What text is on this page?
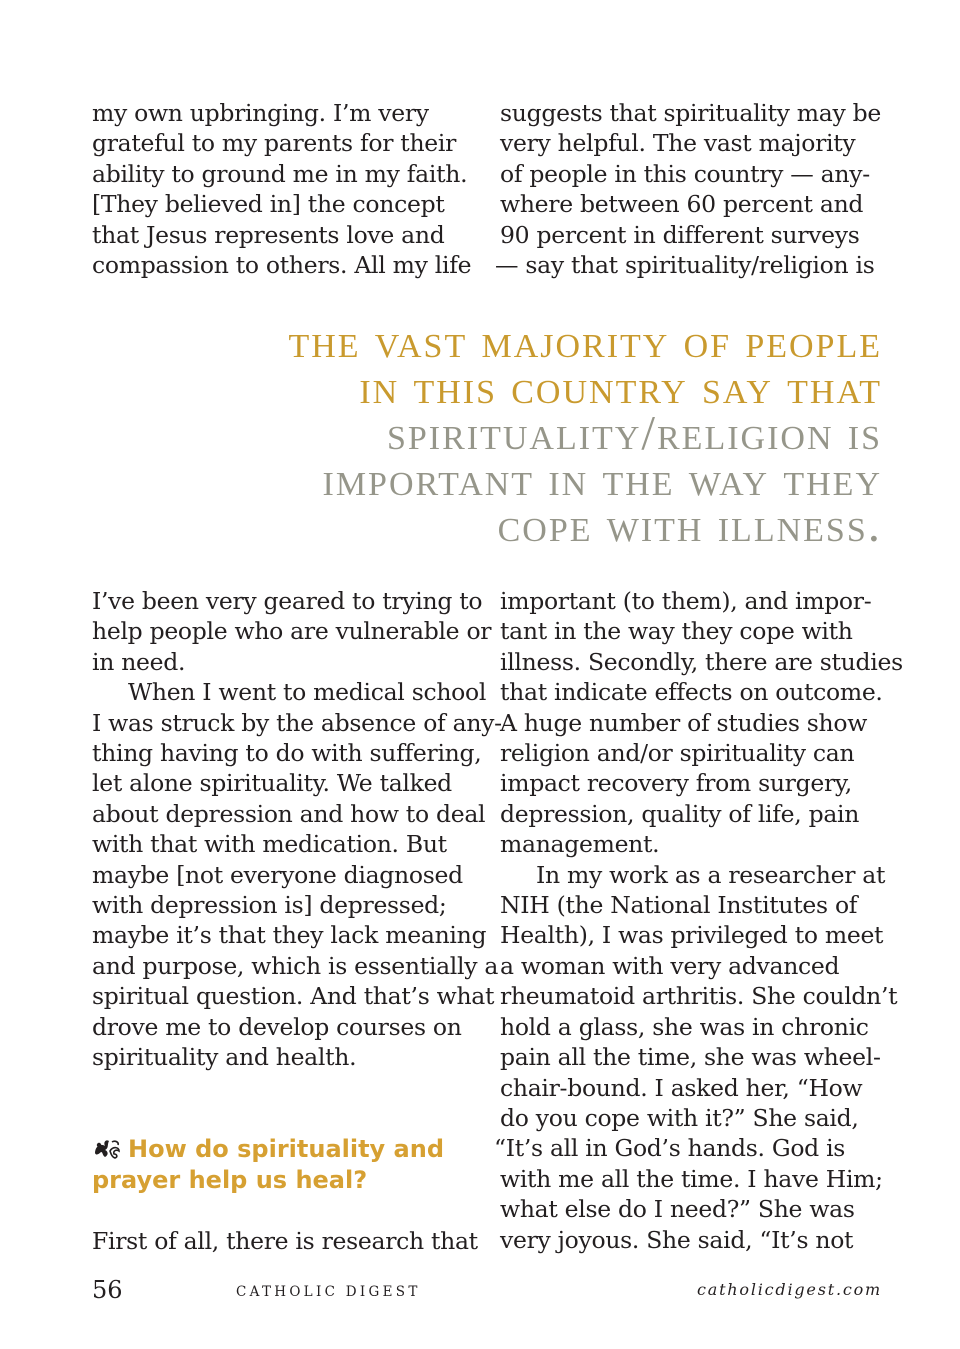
my own upbringing. I’m very

grateful to my parents for their

ability to ground me in my faith.

[They believed in] the concept

that Jesus represents love and

compassion to others. All my life

suggests that spirituality may be

very helpful. The vast majority

of people in this country — any-

where between 60 percent and

90 percent in different surveys

— say that spirituality/religion is

the vast majority of people
in this country say that
spirituality/religion is
important in the way they
cope with illness.

I’ve been very geared to trying to

help people who are vulnerable or

in need.

When I went to medical school

I was struck by the absence of any-

thing having to do with suffering,

let alone spirituality. We talked

about depression and how to deal

with that with medication. But

maybe [not everyone diagnosed

with depression is] depressed;

maybe it’s that they lack meaning

and purpose, which is essentially a

spiritual question. And that’s what

drove me to develop courses on

spirituality and health.

important (to them), and impor-

tant in the way they cope with

illness. Secondly, there are studies

that indicate effects on outcome.

A huge number of studies show

religion and/or spirituality can

impact recovery from surgery,

depression, quality of life, pain

management.

In my work as a researcher at

NIH (the National Institutes of

Health), I was privileged to meet

a woman with very advanced

rheumatoid arthritis. She couldn’t

hold a glass, she was in chronic

pain all the time, she was wheel-

chair-bound. I asked her, “How

do you cope with it?” She said,

“It’s all in God’s hands. God is

with me all the time. I have Him;

what else do I need?” She was

very joyous. She said, “It’s not

How do spirituality and

prayer help us heal?

First of all, there is research that
56	CATHOLIC DIGEST	catholicdigest.com
